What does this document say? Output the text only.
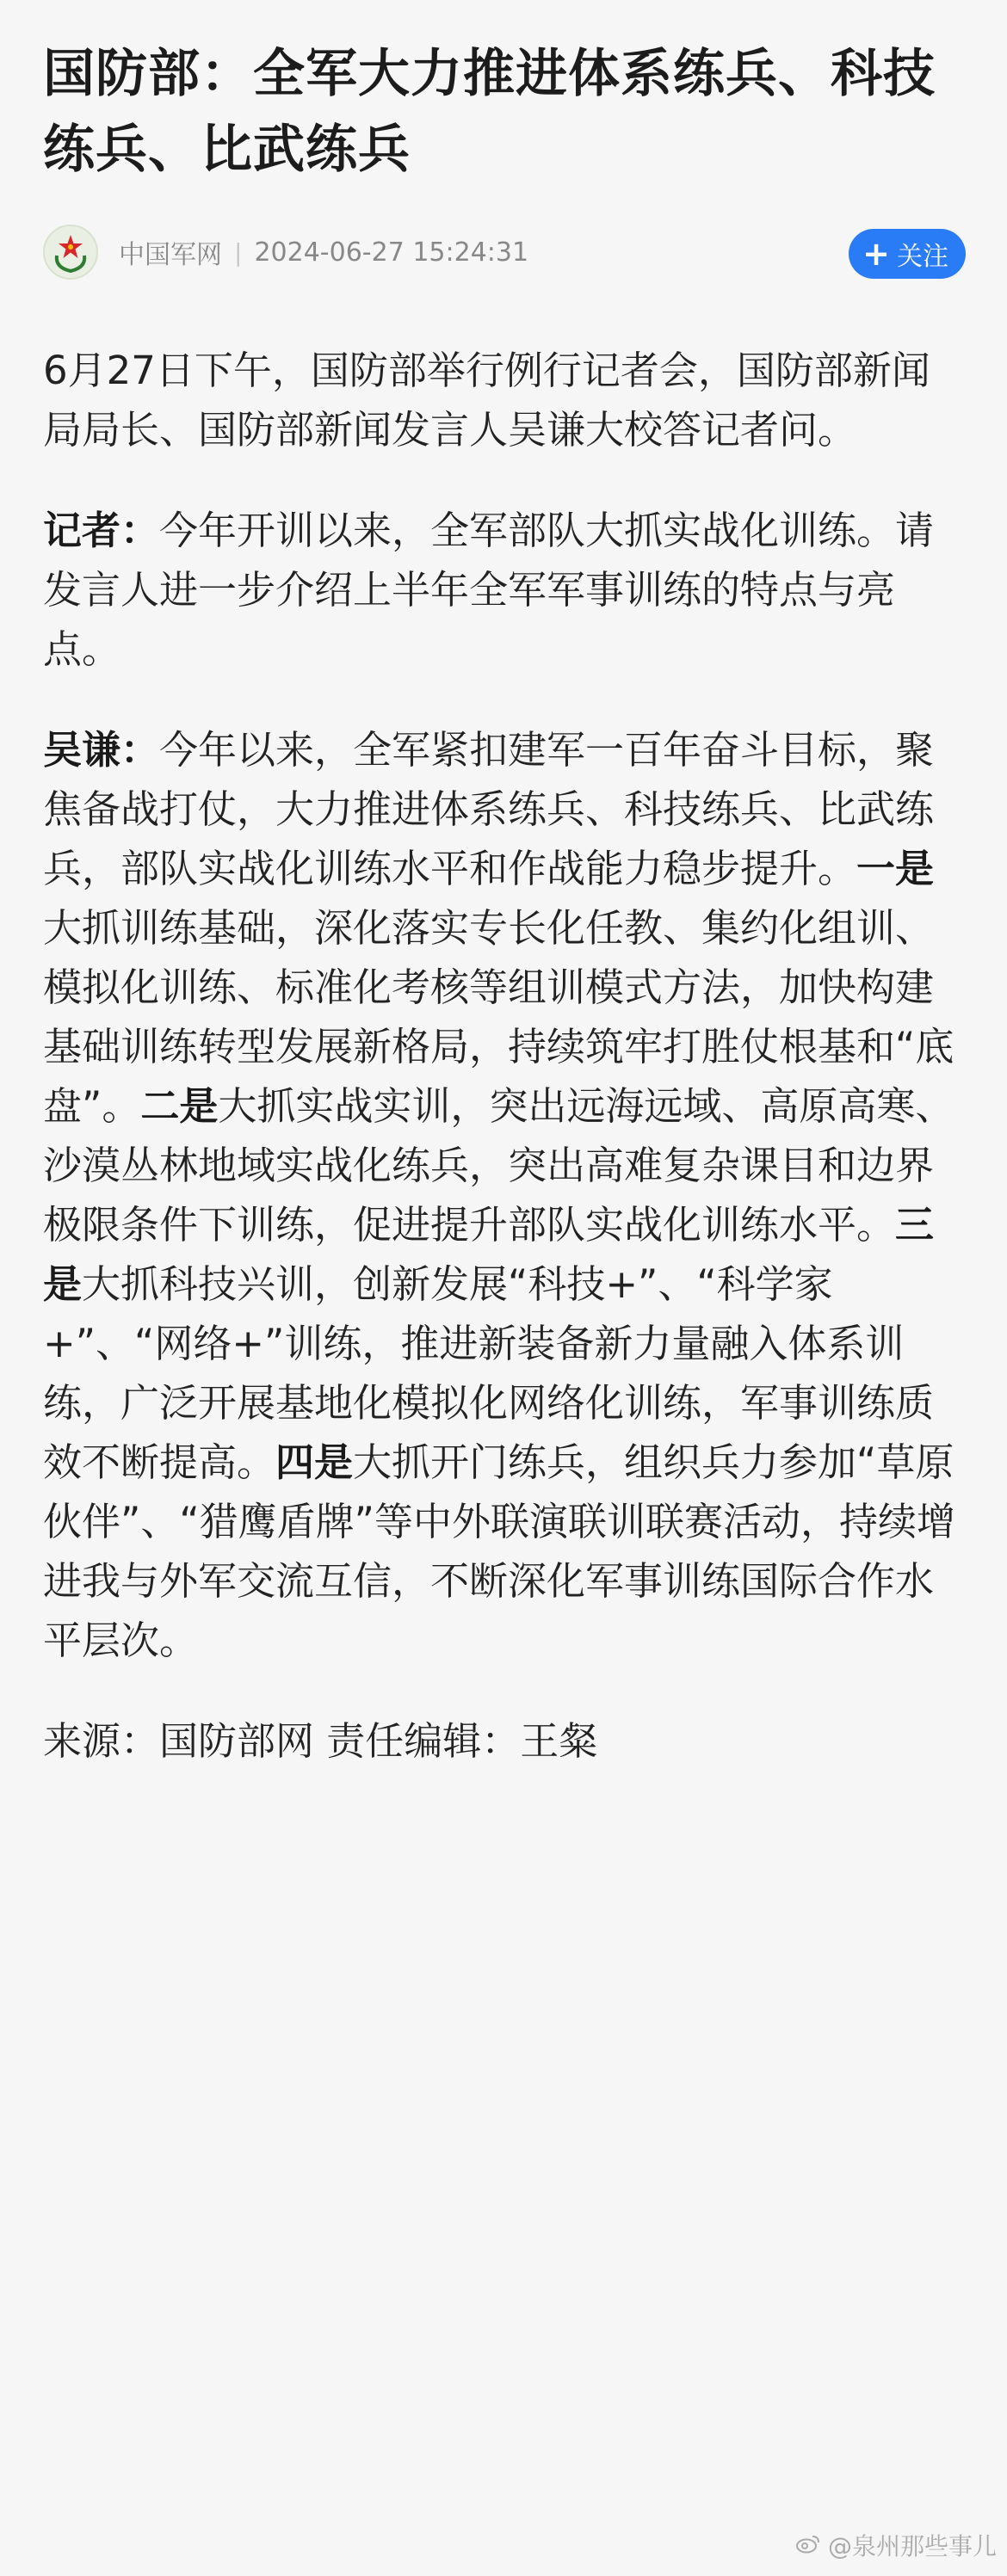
国防部：全军大力推进体系练兵、科技练兵、比武练兵
中国军网 | 2024-06-27 15:24:31	+ 关注

6月27日下午，国防部举行例行记者会，国防部新闻局局长、国防部新闻发言人吴谦大校答记者问。

记者：今年开训以来，全军部队大抓实战化训练。请发言人进一步介绍上半年全军军事训练的特点与亮点。

吴谦：今年以来，全军紧扣建军一百年奋斗目标，聚焦备战打仗，大力推进体系练兵、科技练兵、比武练兵，部队实战化训练水平和作战能力稳步提升。一是大抓训练基础，深化落实专长化任教、集约化组训、模拟化训练、标准化考核等组训模式方法，加快构建基础训练转型发展新格局，持续筑牢打胜仗根基和“底盘”。二是大抓实战实训，突出远海远域、高原高寒、沙漠丛林地域实战化练兵，突出高难复杂课目和边界极限条件下训练，促进提升部队实战化训练水平。三是大抓科技兴训，创新发展“科技+”、“科学家+”、“网络+”训练，推进新装备新力量融入体系训练，广泛开展基地化模拟化网络化训练，军事训练质效不断提高。四是大抓开门练兵，组织兵力参加“草原伙伴”、“猎鹰盾牌”等中外联演联训联赛活动，持续增进我与外军交流互信，不断深化军事训练国际合作水平层次。

来源：国防部网 责任编辑：王粲

@泉州那些事儿
